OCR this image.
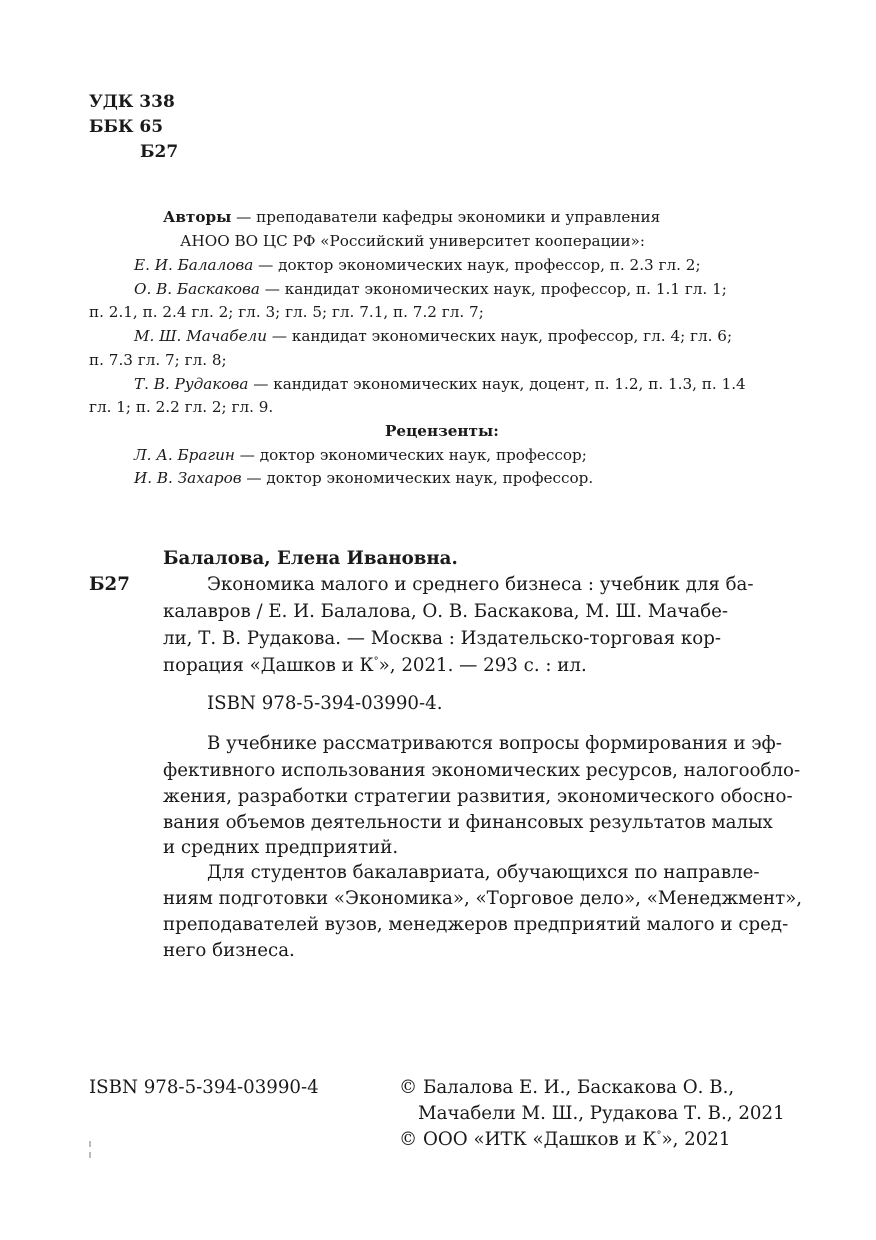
УДК 338
ББК 65
Б27
Авторы — преподаватели кафедры экономики и управления
АНОО ВО ЦС РФ «Российский университет кооперации»:
Е. И. Балалова — доктор экономических наук, профессор, п. 2.3 гл. 2;
О. В. Баскакова — кандидат экономических наук, профессор, п. 1.1 гл. 1;
п. 2.1, п. 2.4 гл. 2; гл. 3; гл. 5; гл. 7.1, п. 7.2 гл. 7;
М. Ш. Мачабели — кандидат экономических наук, профессор, гл. 4; гл. 6;
п. 7.3 гл. 7; гл. 8;
Т. В. Рудакова — кандидат экономических наук, доцент, п. 1.2, п. 1.3, п. 1.4
гл. 1; п. 2.2 гл. 2; гл. 9.
Рецензенты:
Л. А. Брагин — доктор экономических наук, профессор;
И. В. Захаров — доктор экономических наук, профессор.
Балалова, Елена Ивановна.
Б27	Экономика малого и среднего бизнеса : учебник для ба-
калавров / Е. И. Балалова, О. В. Баскакова, М. Ш. Мачабе-
ли, Т. В. Рудакова. — Москва : Издательско-торговая кор-
порация «Дашков и К°», 2021. — 293 с. : ил.
ISBN 978-5-394-03990-4.
В учебнике рассматриваются вопросы формирования и эф-
фективного использования экономических ресурсов, налогообло-
жения, разработки стратегии развития, экономического обосно-
вания объемов деятельности и финансовых результатов малых
и средних предприятий.
Для студентов бакалавриата, обучающихся по направле-
ниям подготовки «Экономика», «Торговое дело», «Менеджмент»,
преподавателей вузов, менеджеров предприятий малого и сред-
него бизнеса.
ISBN 978-5-394-03990-4	© Балалова Е. И., Баскакова О. В.,
Мачабели М. Ш., Рудакова Т. В., 2021
© ООО «ИТК «Дашков и К°», 2021
